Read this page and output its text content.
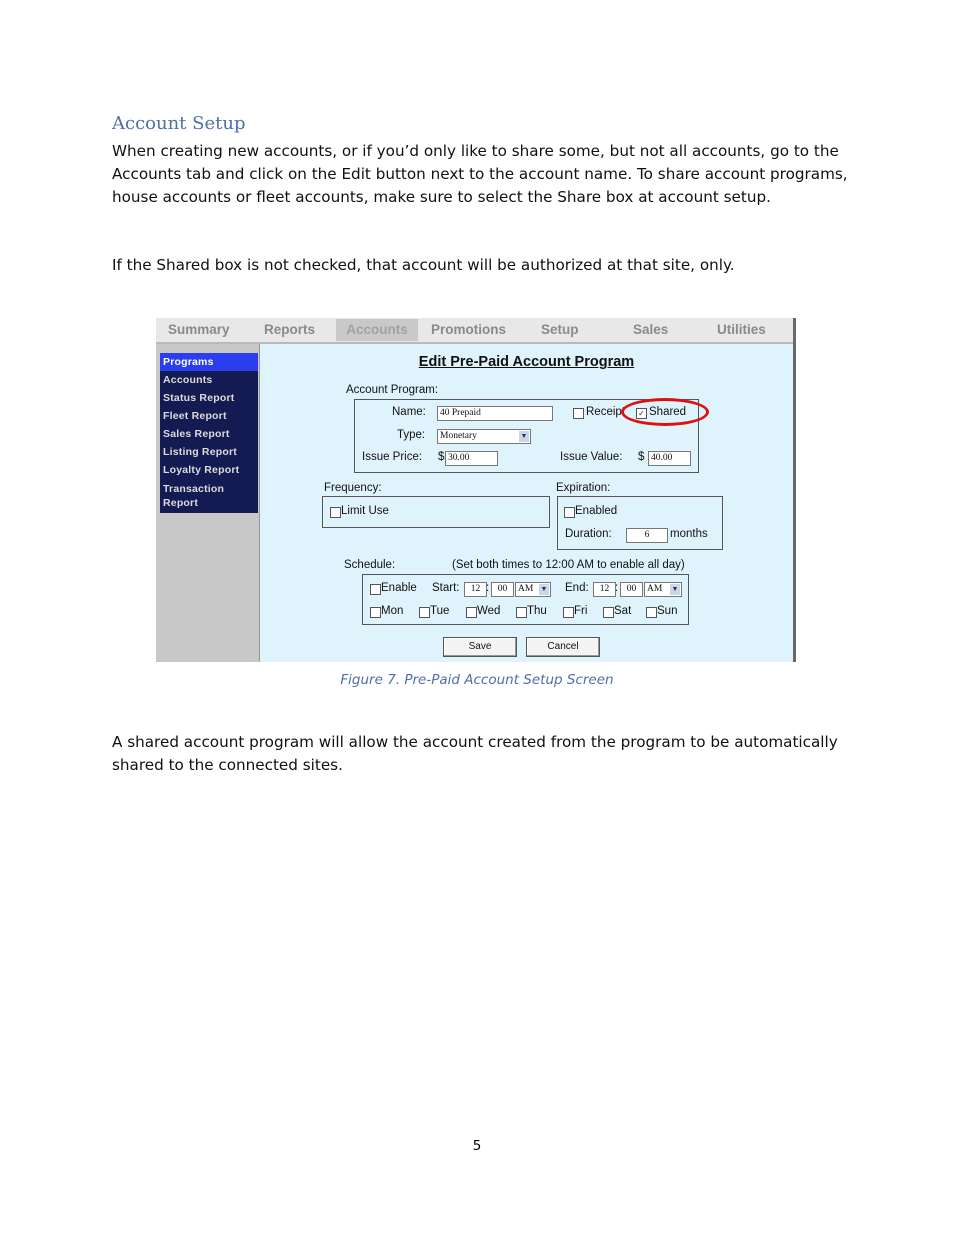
Account Setup

When creating new accounts, or if you’d only like to share some, but not all accounts, go to the Accounts tab and click on the Edit button next to the account name. To share account programs, house accounts or fleet accounts, make sure to select the Share box at account setup.

If the Shared box is not checked, that account will be authorized at that site, only.

Summary	Reports	Accounts	Promotions	Setup	Sales	Utilities
Programs
Accounts
Status Report
Fleet Report
Sales Report
Listing Report
Loyalty Report
Transaction Report
Edit Pre-Paid Account Program
Account Program:
Name:	40 Prepaid	Receipt ✓ Shared
Type:	Monetary	▼
Issue Price: $ 30.00	Issue Value: $ 40.00
Frequency:
Limit Use
Expiration:
Enabled
Duration:	6	months
Schedule:	(Set both times to 12:00 AM to enable all day)
Enable Start:	12 : 00	AM ▼ End:	12 : 00	AM ▼
Mon Tue Wed Thu Fri Sat Sun
Save	Cancel
Figure 7. Pre-Paid Account Setup Screen

A shared account program will allow the account created from the program to be automatically shared to the connected sites.

5
